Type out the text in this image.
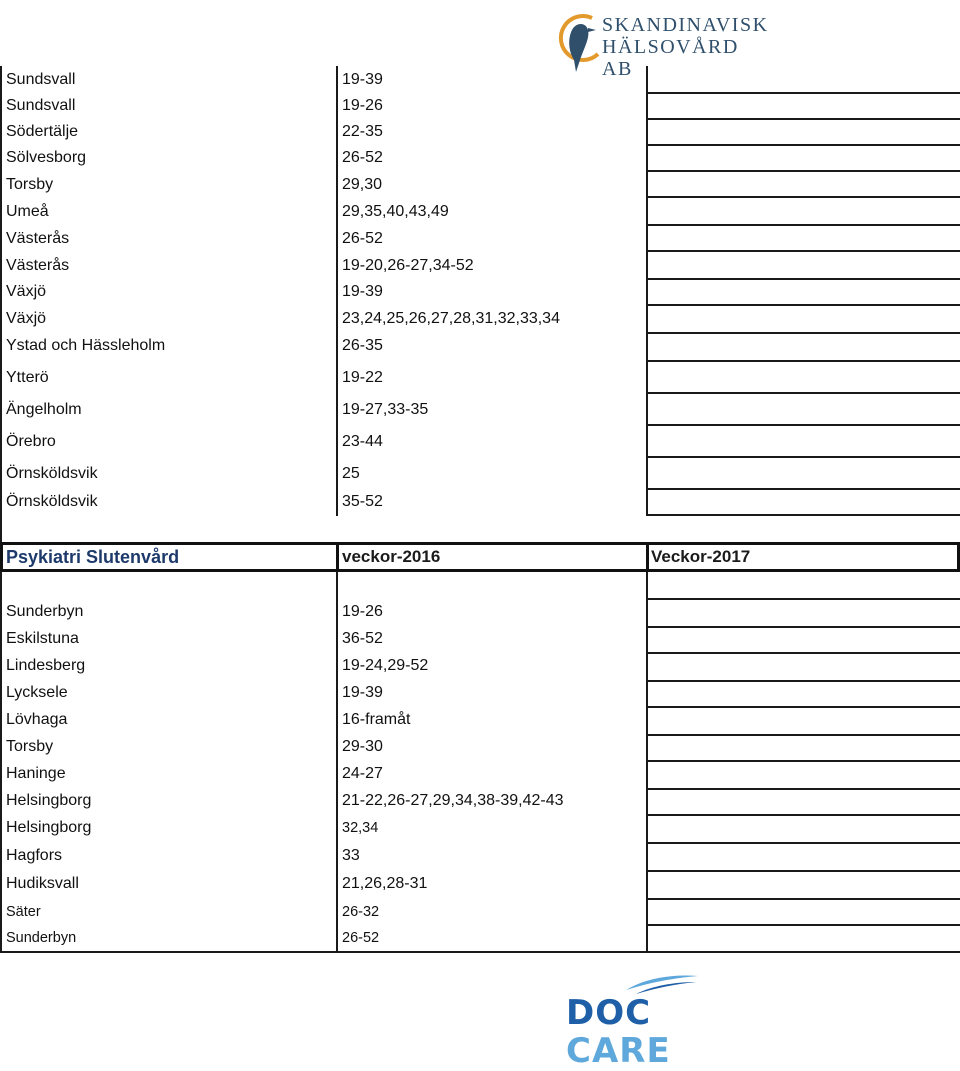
SKANDINAVISK
HÄLSOVÅRD AB
Sundsvall	19-39
Sundsvall	19-26
Södertälje	22-35
Sölvesborg	26-52
Torsby	29,30
Umeå	29,35,40,43,49
Västerås	26-52
Västerås	19-20,26-27,34-52
Växjö	19-39
Växjö	23,24,25,26,27,28,31,32,33,34
Ystad och Hässleholm	26-35
Ytterö	19-22
Ängelholm	19-27,33-35
Örebro	23-44
Örnsköldsvik	25
Örnsköldsvik	35-52
Psykiatri Slutenvård	veckor-2016	Veckor-2017
Sunderbyn	19-26
Eskilstuna	36-52
Lindesberg	19-24,29-52
Lycksele	19-39
Lövhaga	16-framåt
Torsby	29-30
Haninge	24-27
Helsingborg	21-22,26-27,29,34,38-39,42-43
Helsingborg	32,34
Hagfors	33
Hudiksvall	21,26,28-31
Säter	26-32
Sunderbyn	26-52
DOC CARE
